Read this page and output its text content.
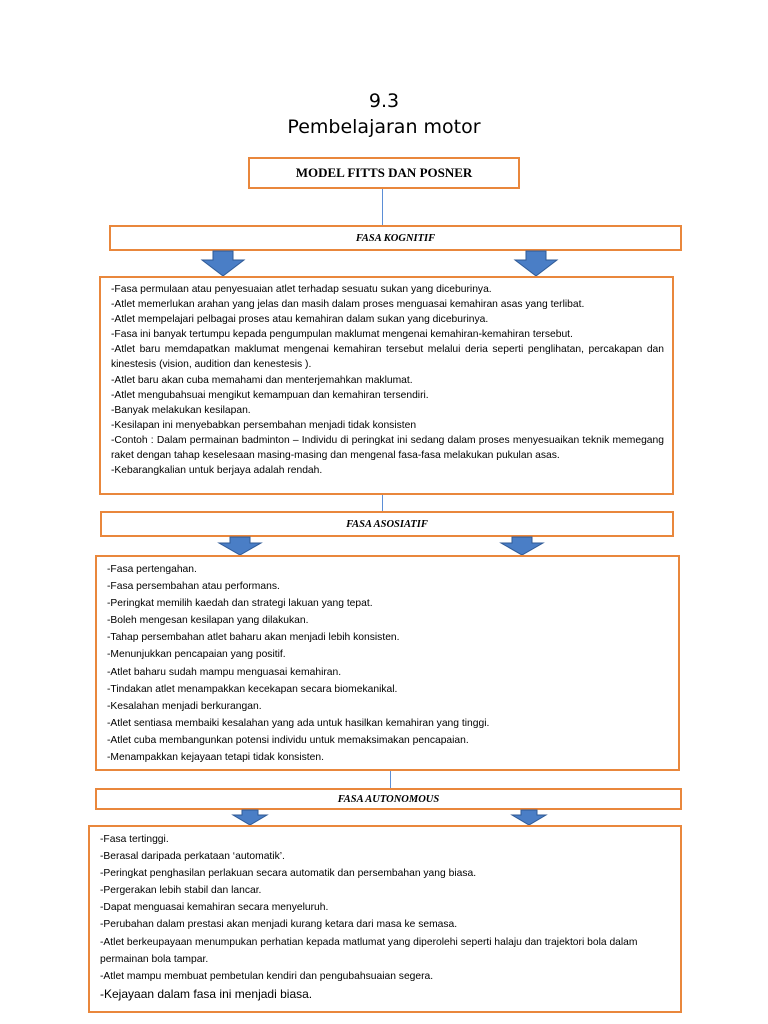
9.3
Pembelajaran motor
MODEL FITTS DAN POSNER
FASA KOGNITIF
-Fasa permulaan atau penyesuaian atlet terhadap sesuatu sukan yang diceburinya.
-Atlet memerlukan arahan yang jelas dan masih dalam proses menguasai kemahiran asas yang terlibat.
-Atlet mempelajari pelbagai proses atau kemahiran dalam sukan yang diceburinya.
-Fasa ini banyak tertumpu kepada pengumpulan maklumat mengenai kemahiran-kemahiran tersebut.
-Atlet baru memdapatkan maklumat mengenai kemahiran tersebut melalui deria seperti penglihatan, percakapan dan kinestesis (vision, audition dan kenestesis ).
-Atlet baru akan cuba memahami dan menterjemahkan maklumat.
-Atlet mengubahsuai mengikut kemampuan dan kemahiran tersendiri.
-Banyak melakukan kesilapan.
-Kesilapan ini menyebabkan persembahan menjadi tidak konsisten
-Contoh : Dalam permainan badminton – Individu di peringkat ini sedang dalam proses menyesuaikan teknik memegang raket dengan tahap keselesaan masing-masing dan mengenal fasa-fasa melakukan pukulan asas.
-Kebarangkalian untuk berjaya adalah rendah.
FASA ASOSIATIF
-Fasa pertengahan.
-Fasa persembahan atau performans.
-Peringkat memilih kaedah dan strategi lakuan yang tepat.
-Boleh mengesan kesilapan yang dilakukan.
-Tahap persembahan atlet baharu akan menjadi lebih konsisten.
-Menunjukkan pencapaian yang positif.
-Atlet baharu sudah mampu menguasai kemahiran.
-Tindakan atlet menampakkan kecekapan secara biomekanikal.
-Kesalahan menjadi berkurangan.
-Atlet sentiasa membaiki kesalahan yang ada untuk hasilkan kemahiran yang tinggi.
-Atlet cuba membangunkan potensi individu untuk memaksimakan pencapaian.
-Menampakkan kejayaan tetapi tidak konsisten.
FASA AUTONOMOUS
-Fasa tertinggi.
-Berasal daripada perkataan ‘automatik’.
-Peringkat penghasilan perlakuan secara automatik dan persembahan yang biasa.
-Pergerakan lebih stabil dan lancar.
-Dapat menguasai kemahiran secara menyeluruh.
-Perubahan dalam prestasi akan menjadi kurang ketara dari masa ke semasa.
-Atlet berkeupayaan menumpukan perhatian kepada matlumat yang diperolehi seperti halaju dan trajektori bola dalam permainan bola tampar.
-Atlet mampu membuat pembetulan kendiri dan pengubahsuaian segera.
-Kejayaan dalam fasa ini menjadi biasa.
